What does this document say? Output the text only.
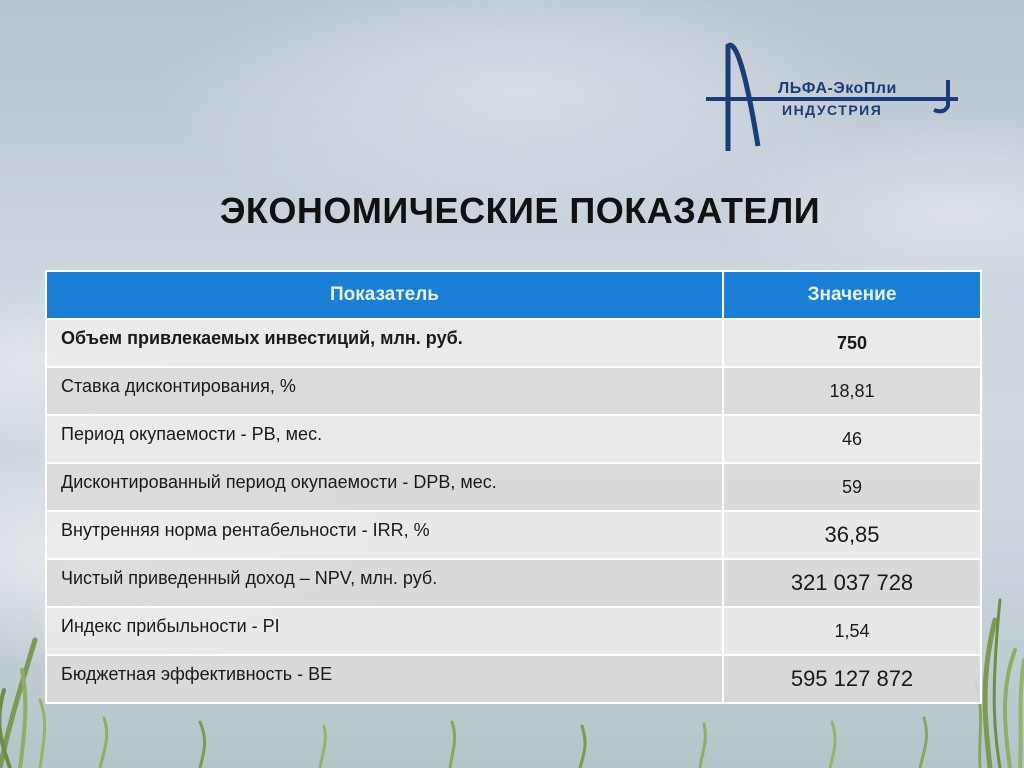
ЛЬФА-ЭкоПли
ИНДУСТРИЯ
ЭКОНОМИЧЕСКИЕ ПОКАЗАТЕЛИ
Показатель	Значение
Объем привлекаемых инвестиций, млн. руб.	750
Ставка дисконтирования, %	18,81
Период окупаемости - PB, мес.	46
Дисконтированный период окупаемости - DPB, мес.	59
Внутренняя норма рентабельности - IRR, %	36,85
Чистый приведенный доход – NPV, млн. руб.	321 037 728
Индекс прибыльности - PI	1,54
Бюджетная эффективность - BE	595 127 872
